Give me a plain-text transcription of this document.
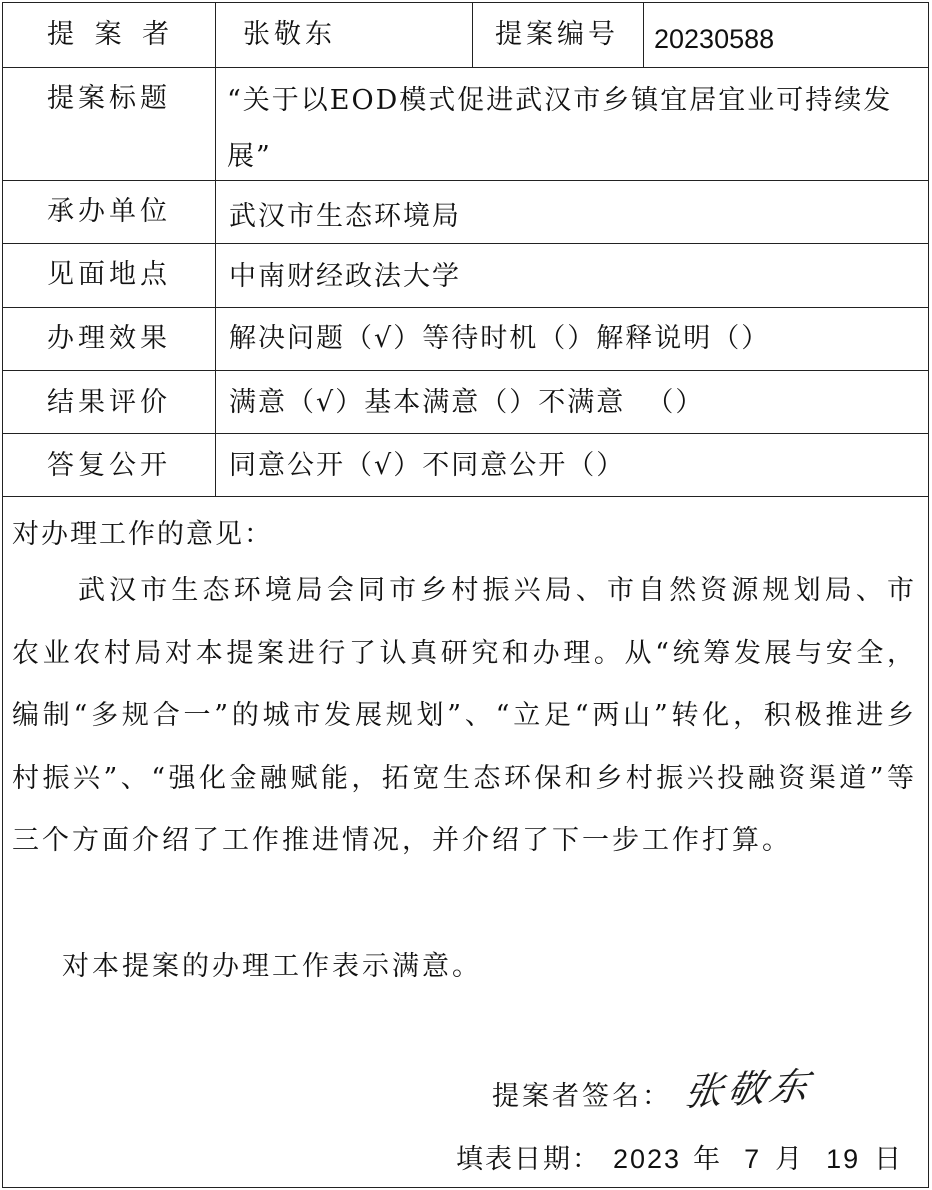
提 案 者	张敬东	提案编号 20230588
提案标题 “关于以EOD模式促进武汉市乡镇宜居宜业可持续发展”
承办单位 武汉市生态环境局
见面地点 中南财经政法大学
办理效果 解决问题（√）等待时机（）解释说明（）
结果评价 满意（√）基本满意（）不满意  （）
答复公开 同意公开（√）不同意公开（）
对办理工作的意见：
武汉市生态环境局会同市乡村振兴局、市自然资源规划局、市农业农村局对本提案进行了认真研究和办理。从“统筹发展与安全，编制“多规合一”的城市发展规划”、“立足“两山”转化，积极推进乡村振兴”、“强化金融赋能，拓宽生态环保和乡村振兴投融资渠道”等三个方面介绍了工作推进情况，并介绍了下一步工作打算。
对本提案的办理工作表示满意。
提案者签名： 张敬东
填表日期： 2023 年 7 月 19 日
